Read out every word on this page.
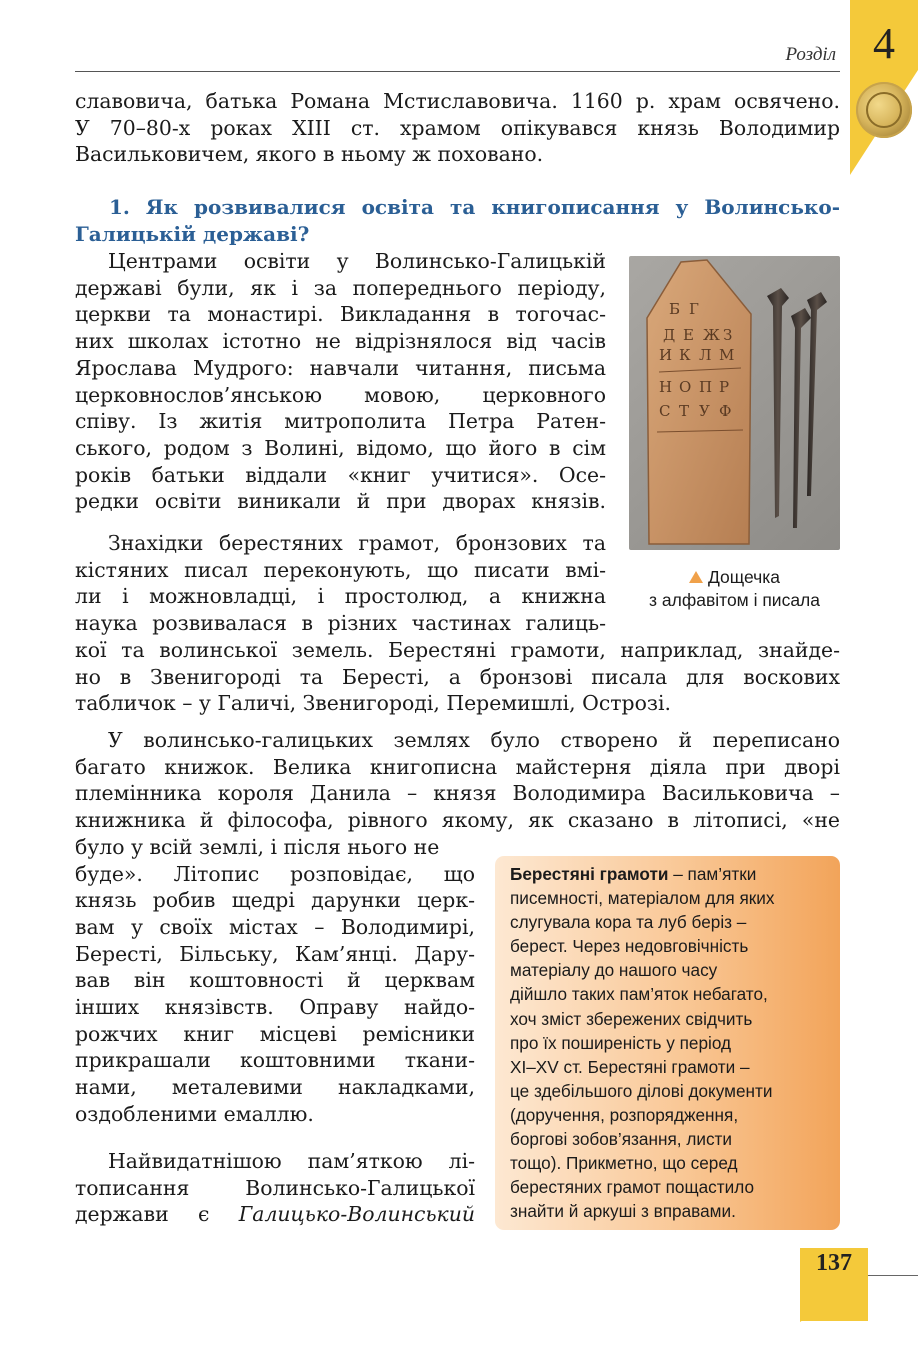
Розділ 4
славовича, батька Романа Мстиславовича. 1160 р. храм освячено.
У 70–80-х роках XIII ст. храмом опікувався князь Володимир
Васильковичем, якого в ньому ж поховано.
1. Як розвивалися освіта та книгописання у Волинсько-
Галицькій державі?
Центрами освіти у Волинсько-Галицькій
державі були, як і за попереднього періоду,
церкви та монастирі. Викладання в тогочас-
них школах істотно не відрізнялося від часів
Ярослава Мудрого: навчали читання, письма
церковнослов’янською мовою, церковного
співу. Із житія митрополита Петра Ратен-
ського, родом з Волині, відомо, що його в сім
років батьки віддали «книг учитися». Осе-
редки освіти виникали й при дворах князів.
Знахідки берестяних грамот, бронзових та
кістяних писал переконують, що писати вмі-
ли і можновладці, і простолюд, а книжна
наука розвивалася в різних частинах галиць-
кої та волинської земель. Берестяні грамоти, наприклад, знайде-
но в Звенигороді та Бересті, а бронзові писала для воскових
табличок – у Галичі, Звенигороді, Перемишлі, Острозі.
У волинсько-галицьких землях було створено й переписано
багато книжок. Велика книгописна майстерня діяла при дворі
племінника короля Данила – князя Володимира Васильковича –
книжника й філософа, рівного якому, як сказано в літописі, «не
було у всій землі, і після нього не
буде». Літопис розповідає, що
князь робив щедрі дарунки церк-
вам у своїх містах – Володимирі,
Бересті, Більську, Кам’янці. Дару-
вав він коштовності й церквам
інших князівств. Оправу найдо-
рожчих книг місцеві ремісники
прикрашали коштовними ткани-
нами, металевими накладками,
оздобленими емаллю.
Найвидатнішою пам’яткою лі-
тописання Волинсько-Галицької
держави є Галицько-Волинський
Б Г
Д Е Ж З
И К Л М
Н О П Р
С Т У Ф
Дощечка
з алфавітом і писала
Берестяні грамоти – пам’ятки
писемності, матеріалом для яких
слугувала кора та луб беріз –
берест. Через недовговічність
матеріалу до нашого часу
дійшло таких пам’яток небагато,
хоч зміст збережених свідчить
про їх поширеність у період
XI–XV ст. Берестяні грамоти –
це здебільшого ділові документи
(доручення, розпорядження,
боргові зобов’язання, листи
тощо). Прикметно, що серед
берестяних грамот пощастило
знайти й аркуші з вправами.
137
